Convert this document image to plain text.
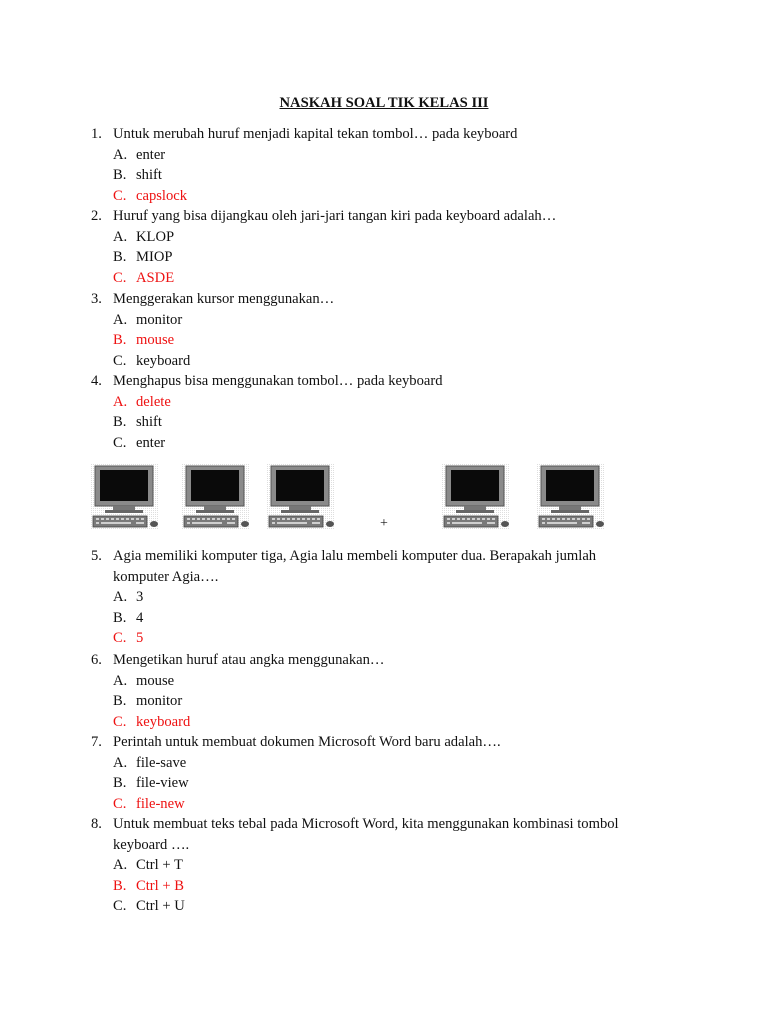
NASKAH SOAL TIK KELAS III
1. Untuk merubah huruf menjadi kapital tekan tombol… pada keyboard
A. enter
B. shift
C. capslock
2. Huruf yang bisa dijangkau oleh jari-jari tangan kiri pada keyboard adalah…
A. KLOP
B. MIOP
C. ASDE
3. Menggerakan kursor menggunakan…
A. monitor
B. mouse
C. keyboard
4. Menghapus bisa menggunakan tombol… pada keyboard
A. delete
B. shift
C. enter
5. Agia memiliki komputer tiga, Agia lalu membeli komputer dua. Berapakah jumlah
komputer Agia….
A. 3
B. 4
C. 5
6. Mengetikan huruf atau angka menggunakan…
A. mouse
B. monitor
C. keyboard
7. Perintah untuk membuat dokumen Microsoft Word baru adalah….
A. file-save
B. file-view
C. file-new
8. Untuk membuat teks tebal pada Microsoft Word, kita menggunakan kombinasi tombol
keyboard ….
A. Ctrl + T
B. Ctrl + B
C. Ctrl + U
+
